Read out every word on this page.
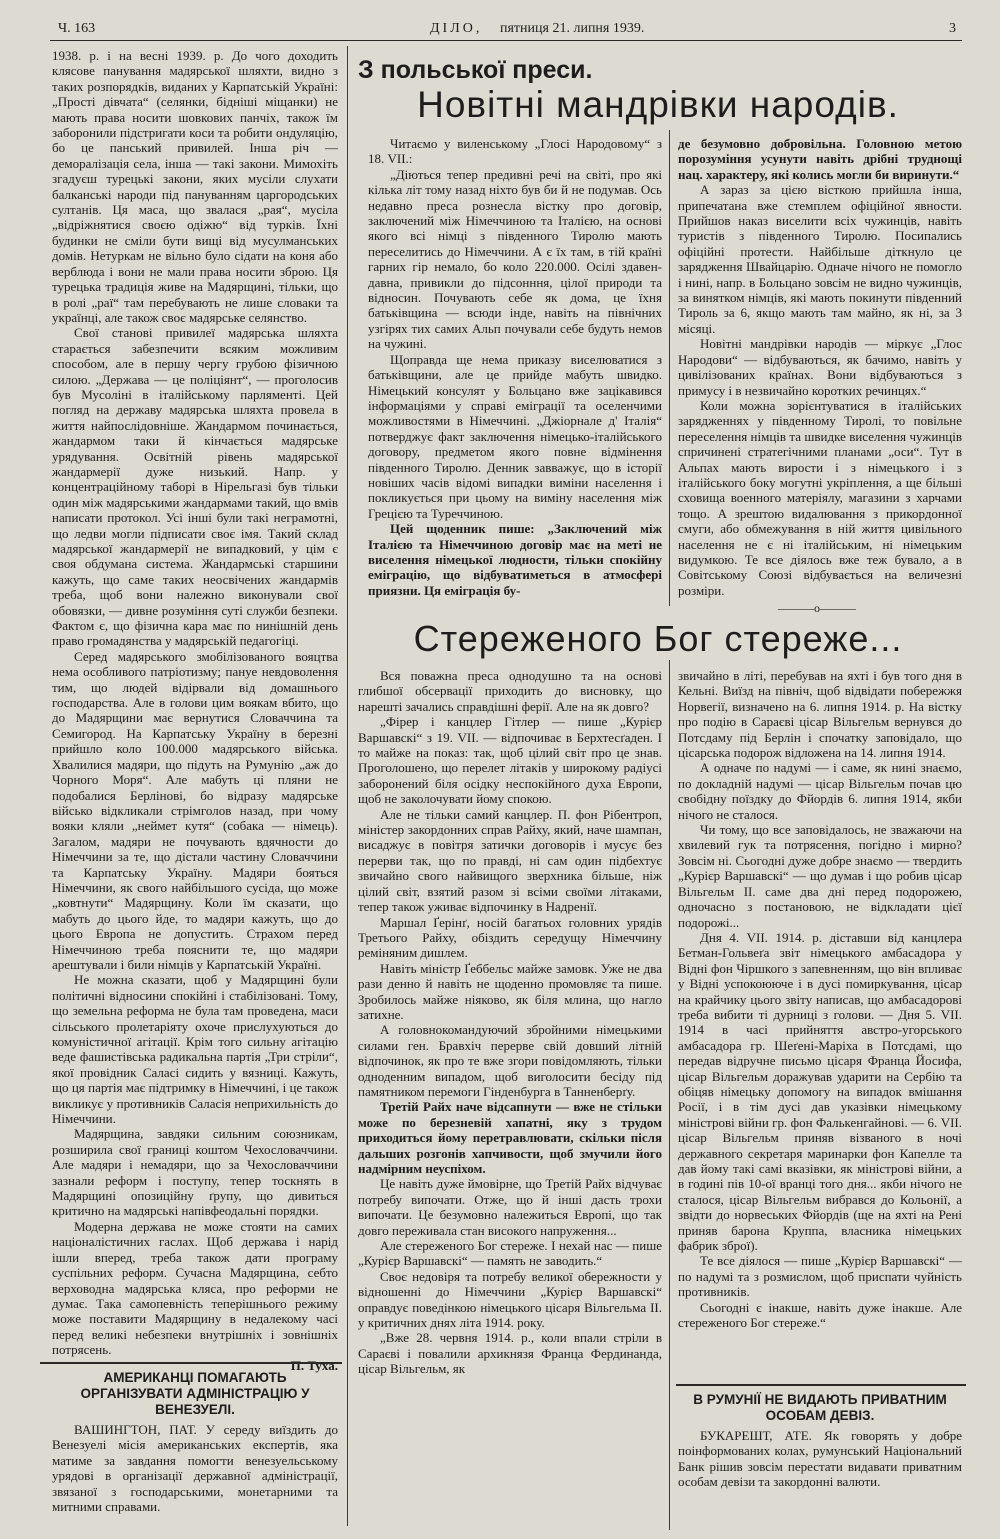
Ч. 163	ДІЛО, пятниця 21. липня 1939.	3

1938. р. і на весні 1939. р. До чого доходить клясове панування мадярської шляхти, видно з таких розпорядків, виданих у Карпатській Україні: „Прості дівчата“ (селянки, бідніші міщанки) не мають права носити шовкових панчіх, також їм заборонили підстригати коси та робити ондуляцію, бо це панський привилей. Інша річ — деморалізація села, інша — такі закони. Мимохіть згадуєш турецькі закони, яких мусіли слухати балканські народи під пануванням царгородських султанів. Ця маса, що звалася „рая“, мусіла „відріжнятися своєю одіжю“ від турків. Їхні будинки не сміли бути вищі від мусулманських домів. Нетуркам не вільно було сідати на коня або верблюда і вони не мали права носити зброю. Ця турецька традиція живе на Мадярщині, тільки, що в ролі „раї“ там перебувають не лише словаки та українці, але також своє мадярське селянство.

Свої станові привилеї мадярська шляхта старається забезпечити всяким можливим способом, але в першу чергу грубою фізичною силою. „Держава — це поліціянт“, — проголосив був Мусоліні в італійському парляменті. Цей погляд на державу мадярська шляхта провела в життя найпослідовніше. Жандармом починається, жандармом таки й кінчається мадярське урядування. Освітній рівень мадярської жандармерії дуже низький. Напр. у концентраційному таборі в Нірельгазі був тільки один між мадярськими жандармами такий, що вмів написати протокол. Усі інші були такі неграмотні, що ледви могли підписати своє імя. Такий склад мадярської жандармерії не випадковий, у цім є своя обдумана система. Жандармські старшини кажуть, що саме таких неосвічених жандармів треба, щоб вони належно виконували свої обовязки, — дивне розуміння суті служби безпеки. Фактом є, що фізична кара має по нинішній день право громадянства у мадярській педагогіці.

Серед мадярського змобілізованого вояцтва нема особливого патріотизму; пануе невдоволення тим, що людей відірвали від домашнього господарства. Але в голови цим воякам вбито, що до Мадярщини має вернутися Словаччина та Семигород. На Карпатську Україну в березні прийшло коло 100.000 мадярського війська. Хвалилися мадяри, що підуть на Румунію „аж до Чорного Моря“. Але мабуть ці пляни не подобалися Берлінові, бо відразу мадярське військо відкликали стрімголов назад, при чому вояки кляли „неймет кутя“ (собака — німець). Загалом, мадяри не почувають вдячности до Німеччини за те, що дістали частину Словаччини та Карпатську Україну. Мадяри бояться Німеччини, як свого найбільшого сусіда, що може „ковтнути“ Мадярщину. Коли їм сказати, що мабуть до цього йде, то мадяри кажуть, що до цього Европа не допустить. Страхом перед Німеччиною треба пояснити те, що мадяри арештували і били німців у Карпатській Україні.

Не можна сказати, щоб у Мадярщині були політичні відносини спокійні і стабілізовані. Тому, що земельна реформа не була там проведена, маси сільського пролетаріяту охоче прислухуються до комуністичної агітації. Крім того сильну агітацію веде фашистівська радикальна партія „Три стріли“, якої провідник Саласі сидить у вязниці. Кажуть, що ця партія має підтримку в Німеччині, і це також викликує у противників Саласія неприхильність до Німеччини.

Мадярщина, завдяки сильним союзникам, розширила свої границі коштом Чехословаччини. Але мадяри і немадяри, що за Чехословаччини зазнали реформ і поступу, тепер тоскнять в Мадярщині опозиційну ґрупу, що дивиться критично на мадярські напівфеодальні порядки.

Модерна держава не може стояти на самих націоналістичних гаслах. Щоб держава і нарід ішли вперед, треба також дати програму суспільних реформ. Сучасна Мадярщина, себто верховодна мадярська кляса, про реформи не думає. Така самопевність теперішнього режиму може поставити Мадярщину в недалекому часі перед великі небезпеки внутрішніх і зовнішніх потрясень.

П. Туха.
АМЕРИКАНЦІ ПОМАГАЮТЬ ОРГАНІЗУВАТИ АДМІНІСТРАЦІЮ У ВЕНЕЗУЕЛІ.

ВАШИНГТОН, ПАТ. У середу виїздить до Венезуелі місія американських експертів, яка матиме за завдання помогти венезуельському урядові в організації державної адміністрації, звязаної з господарськими, монетарними та митними справами.

З польської преси.
Новітні мандрівки народів.

Читаємо у виленському „Глосі Народовому“ з 18. VII.:

„Діються тепер предивні речі на світі, про які кілька літ тому назад ніхто був би й не подумав. Ось недавно преса рознесла вістку про договір, заключений між Німеччиною та Італією, на основі якого всі німці з південного Тиролю мають переселитись до Німеччини. А є їх там, в тій країні гарних гір немало, бо коло 220.000. Осілі здавен-давна, привикли до підсонння, цілої природи та відносин. Почувають себе як дома, це їхня батьківщина — всюди інде, навіть на північних узгірях тих самих Альп почували себе будуть немов на чужині.

Щоправда ще нема приказу виселюватися з батьківщини, але це прийде мабуть швидко. Німецький консулят у Больцано вже зацікавився інформаціями у справі еміграції та оселенчими можливостями в Німеччині. „Джіорнале д' Італія“ потверджує факт заключення німецько-італійського договору, предметом якого повне відмінення південного Тиролю. Денник завважує, що в історії новіших часів відомі випадки виміни населення і покликується при цьому на виміну населення між Грецією та Туреччиною.

Цей щоденник пише: „Заключений між Італією та Німеччиною договір має на меті не виселення німецької людности, тільки спокійну еміграцію, що відбуватиметься в атмосфері приязни. Ця еміграція бу-

де безумовно добровільна. Головною метою порозуміння усунути навіть дрібні труднощі нац. характеру, які колись могли би виринути.“

А зараз за цією вісткою прийшла інша, припечатана вже стемплем офіційної явности. Прийшов наказ виселити всіх чужинців, навіть туристів з південного Тиролю. Посипались офіційні протести. Найбільше діткнуло це зарядження Швайцарію. Одначе нічого не помогло і нині, напр. в Больцано зовсім не видно чужинців, за винятком німців, які мають покинути південний Тироль за 6, якщо мають там майно, як ні, за 3 місяці.

Новітні мандрівки народів — міркує „Глос Народови“ — відбуваються, як бачимо, навіть у цивілізованих країнах. Вони відбуваються з примусу і в незвичайно коротких речинцях.“

Коли можна зорієнтуватися в італійських зарядженнях у південному Тиролі, то повільне переселення німців та швидке виселення чужинців спричинені стратегічними планами „оси“. Тут в Альпах мають вирости і з німецького і з італійського боку могутні укріплення, а ще більші сховища военного матеріялу, магазини з харчами тощо. А зрештою видалювання з прикордонної смуги, або обмежування в ній життя цивільного населення не є ні італійським, ні німецьким видумкою. Те все діялось вже теж бувало, а в Совітському Союзі відбувається на величезні розміри.

———o———
Стереженого Бог стереже...

Вся поважна преса однодушно та на основі глибшої обсервації приходить до висновку, що нарешті зачались справдішні ферії. Але на як довго?

„Фірер і канцлер Гітлер — пише „Курієр Варшавскі“ з 19. VII. — відпочиває в Берхтесґаден. І то майже на показ: так, щоб цілий світ про це знав. Проголошено, що перелет літаків у широкому радіусі заборонений біля осідку неспокійного духа Европи, щоб не заколочувати йому спокою.

Але не тільки самий канцлер. П. фон Рібентроп, міністер закордонних справ Райху, який, наче шампан, висаджує в повітря затички договорів і мусує без перерви так, що по правді, ні сам один підбехтує звичайно свого найвищого зверхника більше, ніж цілий світ, взятий разом зі всіми своїми літаками, тепер також уживає відпочинку в Надренії.

Маршал Ґерінґ, носій багатьох головних урядів Третього Райху, обіздить середущу Німеччину реміняним дишлем.

Навіть міністр Ґеббельс майже замовк. Уже не два рази денно й навіть не щоденно промовляє та пише. Зробилось майже ніяково, як біля млина, що нагло затихне.

А головнокомандуючий збройними німецькими силами ген. Бравхіч перерве свій довший літній відпочинок, як про те вже згори повідомляють, тільки одноденним випадом, щоб виголосити бесіду під памятником перемоги Гінденбурга в Танненберґу.

Третій Райх наче відсапнути — вже не стільки може по березневій хапатні, яку з трудом приходиться йому перетравлювати, скільки після дальших розгонів хапчивости, щоб змучили його надмірним неуспіхом.

Це навіть дуже ймовірне, що Третій Райх відчуває потребу випочати. Отже, що й інші дасть трохи випочати. Це безумовно належиться Европі, що так довго переживала стан високого напруження...

Але стереженого Бог стереже. І нехай нас — пише „Курієр Варшавскі“ — память не заводить.“

Своє недовіря та потребу великої обережности у відношенні до Німеччини „Курієр Варшавскі“ оправдує поведінкою німецького цісаря Вільгельма II. у критичних днях літа 1914. року.

„Вже 28. червня 1914. р., коли впали стріли в Сараєві і повалили архикнязя Франца Фердинанда, цісар Вільгельм, як

звичайно в літі, перебував на яхті і був того дня в Кельні. Виїзд на північ, щоб відвідати побережжя Норвегії, визначено на 6. липня 1914. р. На вістку про подію в Сараєві цісар Вільгельм вернувся до Потсдаму під Берлін і спочатку заповідало, що цісарська подорож відложена на 14. липня 1914.

А одначе по надумі — і саме, як нині знаємо, по докладній надумі — цісар Вільгельм почав цю свобідну поїздку до Фйордів 6. липня 1914, якби нічого не сталося.

Чи тому, що все заповідалось, не зважаючи на хвилевий гук та потрясення, погідно і мирно? Зовсім ні. Сьогодні дуже добре знаємо — твердить „Курієр Варшавскі“ — що думав і що робив цісар Вільгельм II. саме два дні перед подорожею, одночасно з постановою, не відкладати цієї подорожі...

Дня 4. VII. 1914. р. діставши від канцлера Бетман-Гольвеґа звіт німецького амбасадора у Відні фон Чіршкого з запевненням, що він впливає у Відні успокоюючe і в дусі помиркування, цісар на крайчику цього звіту написав, що амбасадорові треба вибити ті дурниці з голови. — Дня 5. VII. 1914 в часі прийняття австро-угорського амбасадора гр. Шеґені-Маріха в Потсдамі, що передав відручне письмо цісаря Франца Йосифа, цісар Вільгельм доражував ударити на Сербію та обіцяв німецьку допомогу на випадок вмішання Росії, і в тім дусі дав указівки німецькому міністрові війни гр. фон Фалькенгайнові. — 6. VII. цісар Вільгельм приняв візваного в ночі державного секретаря маринарки фон Капелле та дав йому такі самі вказівки, як міністрові війни, а в годині пів 10-ої вранці того дня... якби нічого не сталося, цісар Вільгельм вибрався до Кольонії, а звідти до норвеських Фйордів (ще на яхті на Рені приняв барона Круппа, власника німецьких фабрик зброї).

Те все діялося — пише „Курієр Варшавскі“ — по надумі та з розмислом, щоб приспати чуйність противників.

Сьогодні є інакше, навіть дуже інакше. Але стереженого Бог стереже.“

В РУМУНІЇ НЕ ВИДАЮТЬ ПРИВАТНИМ ОСОБАМ ДЕВІЗ.

БУКАРЕШТ, АТЕ. Як говорять у добре поінформованих колах, румунський Національний Банк рішив зовсім перестати видавати приватним особам девізи та закордонні валюти.
